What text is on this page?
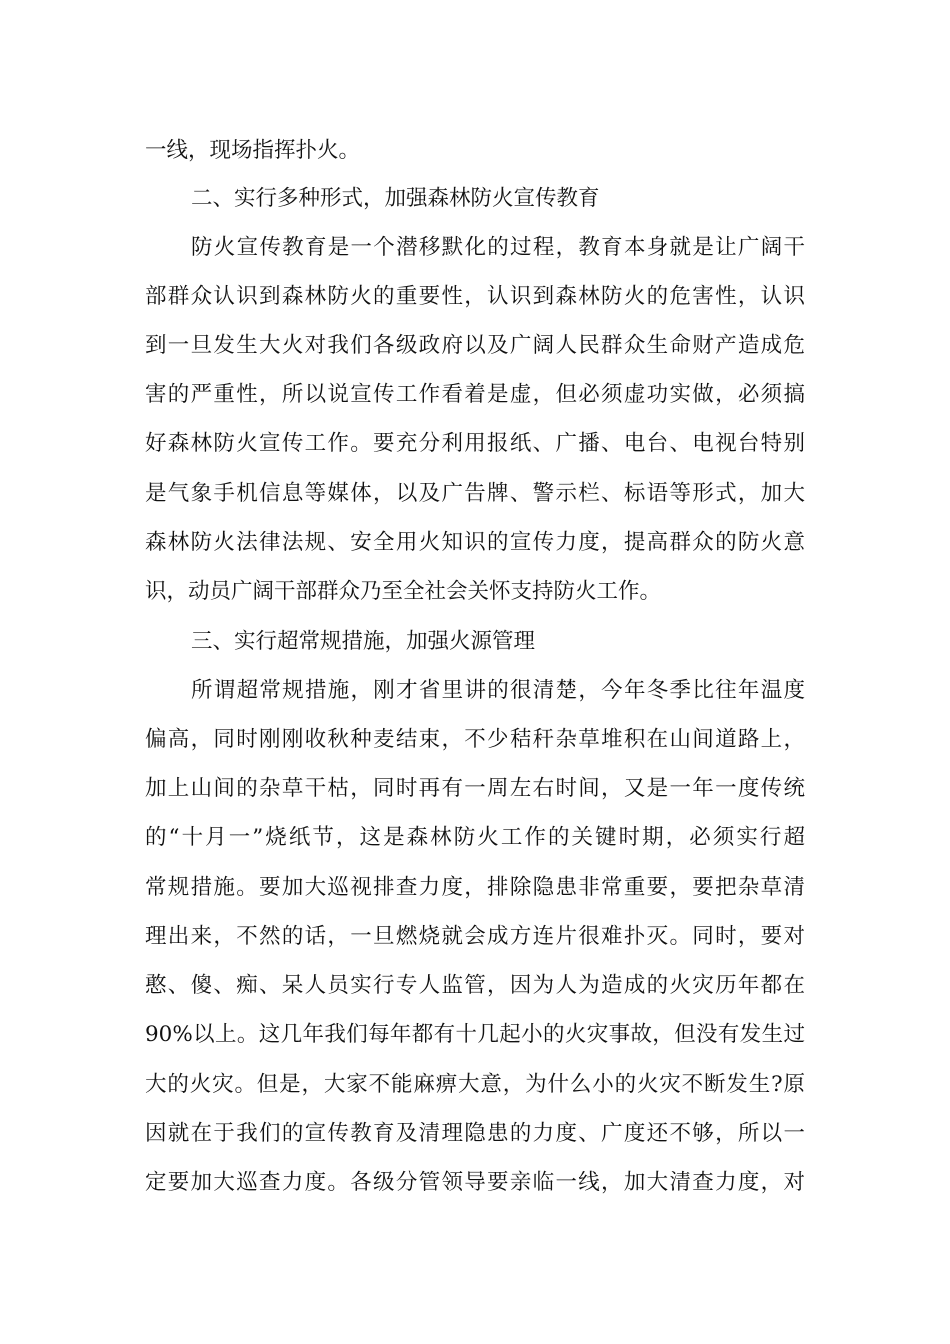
一线，现场指挥扑火。
二、实行多种形式，加强森林防火宣传教育
防火宣传教育是一个潜移默化的过程，教育本身就是让广阔干
部群众认识到森林防火的重要性，认识到森林防火的危害性，认识
到一旦发生大火对我们各级政府以及广阔人民群众生命财产造成危
害的严重性，所以说宣传工作看着是虚，但必须虚功实做，必须搞
好森林防火宣传工作。要充分利用报纸、广播、电台、电视台特别
是气象手机信息等媒体，以及广告牌、警示栏、标语等形式，加大
森林防火法律法规、安全用火知识的宣传力度，提高群众的防火意
识，动员广阔干部群众乃至全社会关怀支持防火工作。
三、实行超常规措施，加强火源管理
所谓超常规措施，刚才省里讲的很清楚，今年冬季比往年温度
偏高，同时刚刚收秋种麦结束，不少秸秆杂草堆积在山间道路上，
加上山间的杂草干枯，同时再有一周左右时间，又是一年一度传统
的“十月一”烧纸节，这是森林防火工作的关键时期，必须实行超
常规措施。要加大巡视排查力度，排除隐患非常重要，要把杂草清
理出来，不然的话，一旦燃烧就会成方连片很难扑灭。同时，要对
憨、傻、痴、呆人员实行专人监管，因为人为造成的火灾历年都在
90%以上。这几年我们每年都有十几起小的火灾事故，但没有发生过
大的火灾。但是，大家不能麻痹大意，为什么小的火灾不断发生?原
因就在于我们的宣传教育及清理隐患的力度、广度还不够，所以一
定要加大巡查力度。各级分管领导要亲临一线，加大清查力度，对
